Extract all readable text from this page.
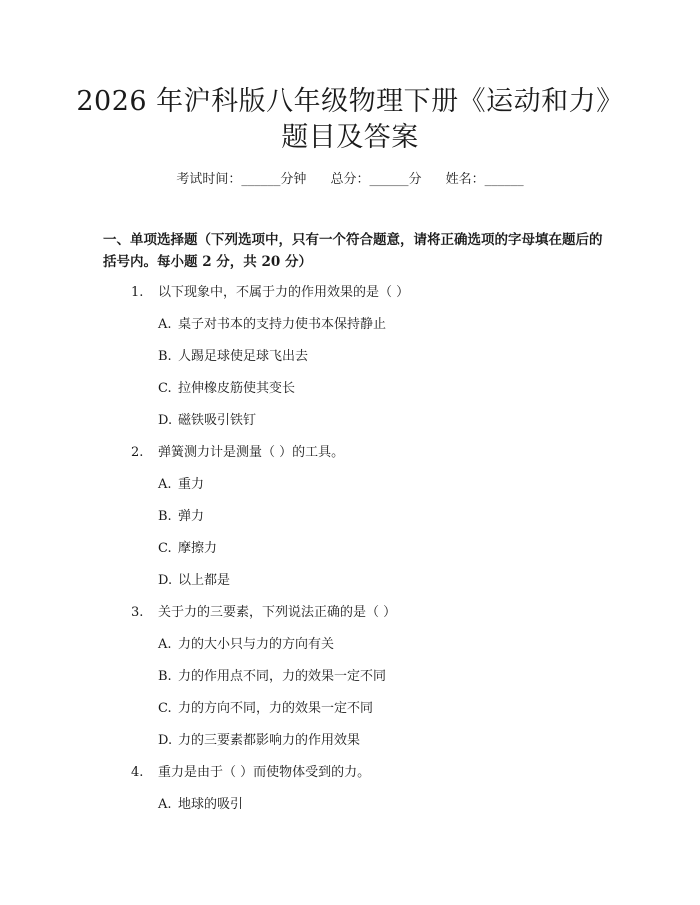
2026 年沪科版八年级物理下册《运动和力》
题目及答案
考试时间：______分钟 总分：______分 姓名：______
一、单项选择题（下列选项中，只有一个符合题意，请将正确选项的字母填在题后的括号内。每小题 2 分，共 20 分）
1. 以下现象中，不属于力的作用效果的是（ ）
A. 桌子对书本的支持力使书本保持静止
B. 人踢足球使足球飞出去
C. 拉伸橡皮筋使其变长
D. 磁铁吸引铁钉
2. 弹簧测力计是测量（ ）的工具。
A. 重力
B. 弹力
C. 摩擦力
D. 以上都是
3. 关于力的三要素，下列说法正确的是（ ）
A. 力的大小只与力的方向有关
B. 力的作用点不同，力的效果一定不同
C. 力的方向不同，力的效果一定不同
D. 力的三要素都影响力的作用效果
4. 重力是由于（ ）而使物体受到的力。
A. 地球的吸引
